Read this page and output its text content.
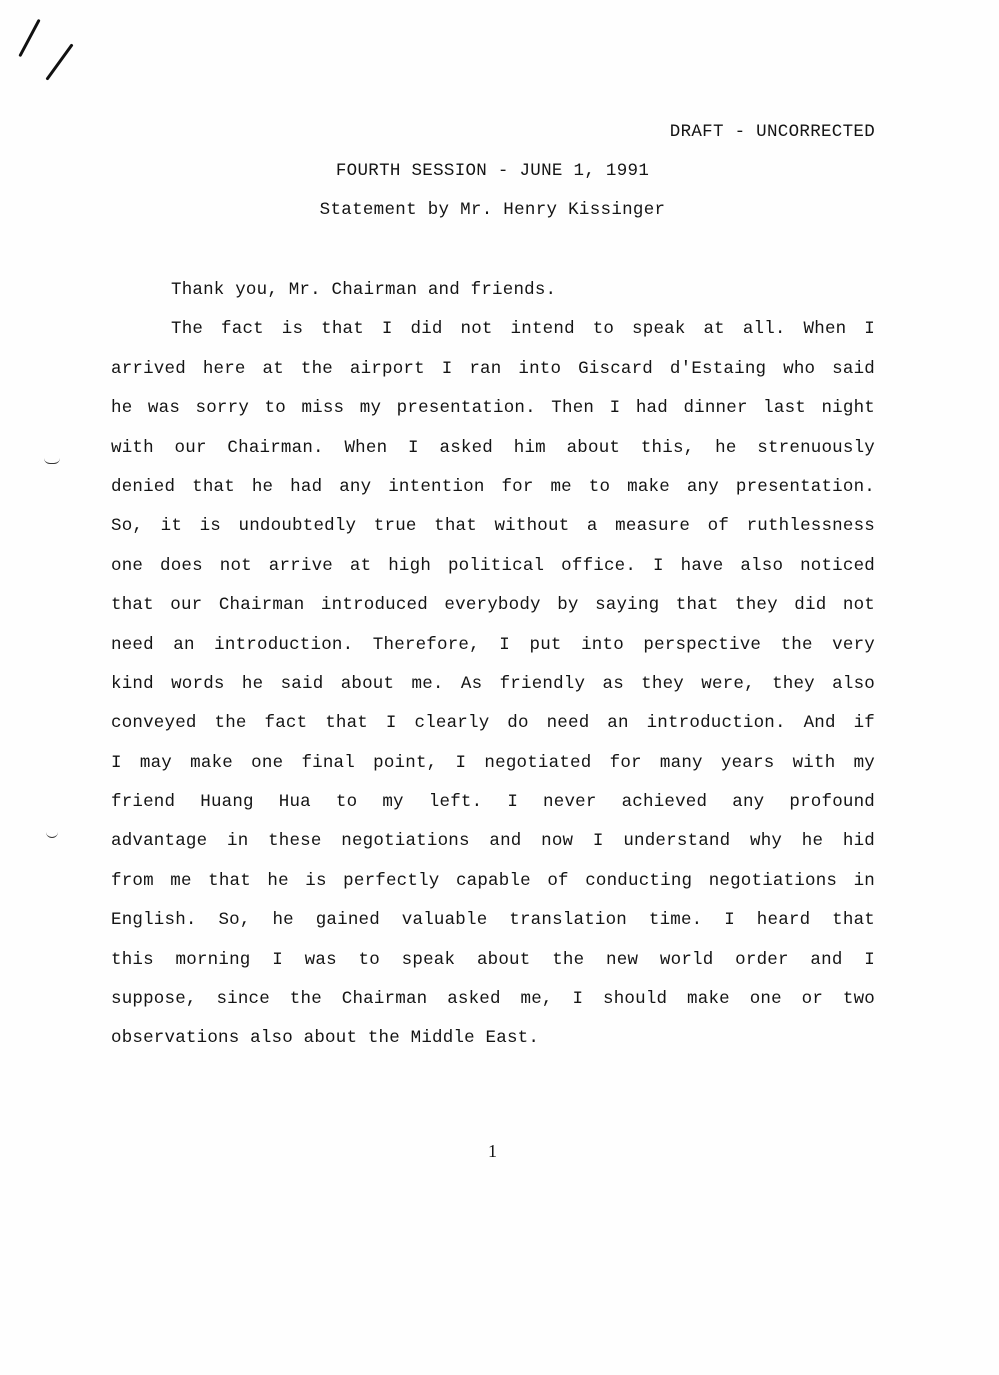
DRAFT - UNCORRECTED
FOURTH SESSION - JUNE 1, 1991
Statement by Mr. Henry Kissinger
Thank you, Mr. Chairman and friends.
The fact is that I did not intend to speak at all. When I
arrived here at the airport I ran into Giscard d'Estaing who said
he was sorry to miss my presentation. Then I had dinner last night
with our Chairman. When I asked him about this, he strenuously
denied that he had any intention for me to make any presentation.
So, it is undoubtedly true that without a measure of ruthlessness
one does not arrive at high political office. I have also noticed
that our Chairman introduced everybody by saying that they did not
need an introduction. Therefore, I put into perspective the very
kind words he said about me. As friendly as they were, they also
conveyed the fact that I clearly do need an introduction. And if
I may make one final point, I negotiated for many years with my
friend Huang Hua to my left. I never achieved any profound
advantage in these negotiations and now I understand why he hid
from me that he is perfectly capable of conducting negotiations in
English. So, he gained valuable translation time. I heard that
this morning I was to speak about the new world order and I
suppose, since the Chairman asked me, I should make one or two
observations also about the Middle East.
1
